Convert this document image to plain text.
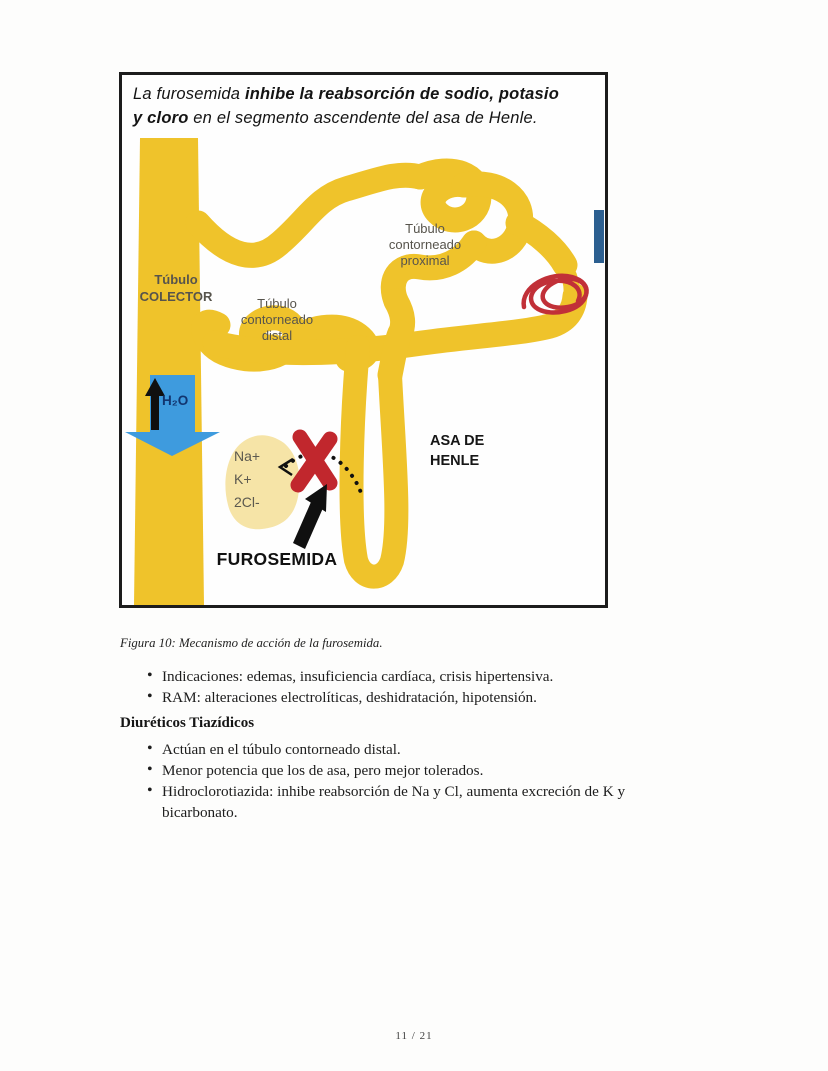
La furosemida inhibe la reabsorción de sodio, potasio
y cloro en el segmento ascendente del asa de Henle.
Túbulo
COLECTOR
Túbulo contorneado proximal
Túbulo contorneado distal
H₂O
Na+
K+
2Cl-
ASA DE HENLE
FUROSEMIDA
Figura 10: Mecanismo de acción de la furosemida.
• Indicaciones: edemas, insuficiencia cardíaca, crisis hipertensiva.
• RAM: alteraciones electrolíticas, deshidratación, hipotensión.
Diuréticos Tiazídicos
• Actúan en el túbulo contorneado distal.
• Menor potencia que los de asa, pero mejor tolerados.
• Hidroclorotiazida: inhibe reabsorción de Na y Cl, aumenta excreción de K y bicarbonato.
11 / 21
